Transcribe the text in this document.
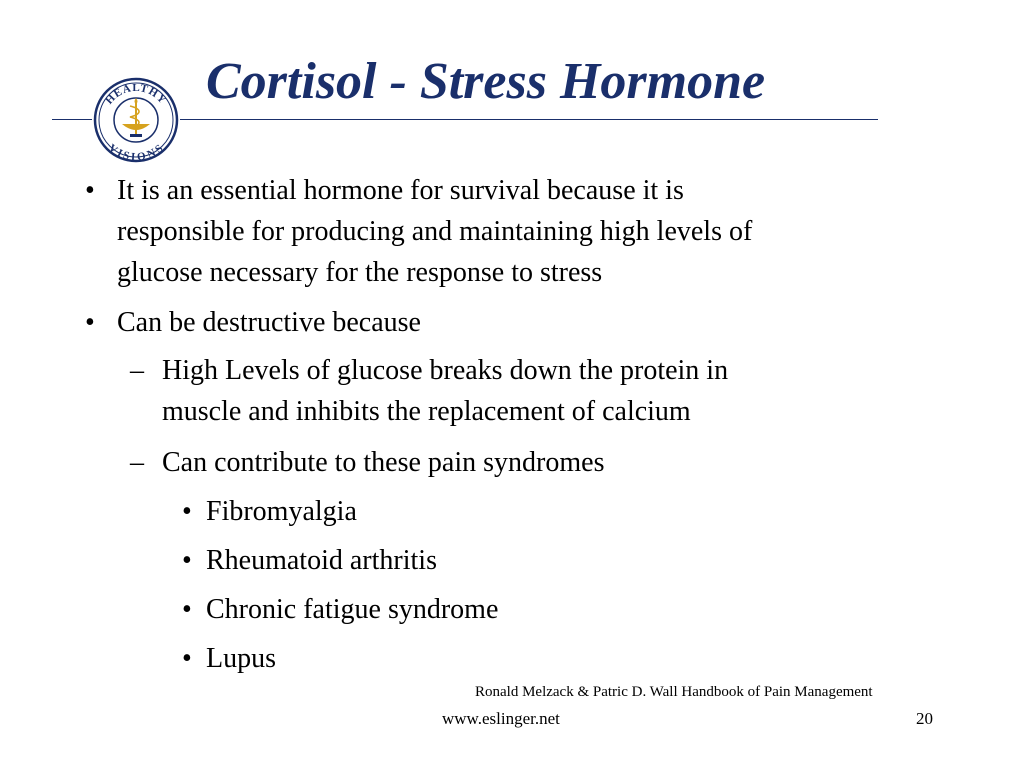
HEALTHY
VISIONS
Cortisol - Stress Hormone
• It is an essential hormone for survival because it is
responsible for producing and maintaining high levels of
glucose necessary for the response to stress
• Can be destructive because
– High Levels of glucose breaks down the protein in
muscle and inhibits the replacement of calcium
– Can contribute to these pain syndromes
• Fibromyalgia
• Rheumatoid arthritis
• Chronic fatigue syndrome
• Lupus
Ronald Melzack & Patric D. Wall Handbook of Pain Management
www.eslinger.net	20
